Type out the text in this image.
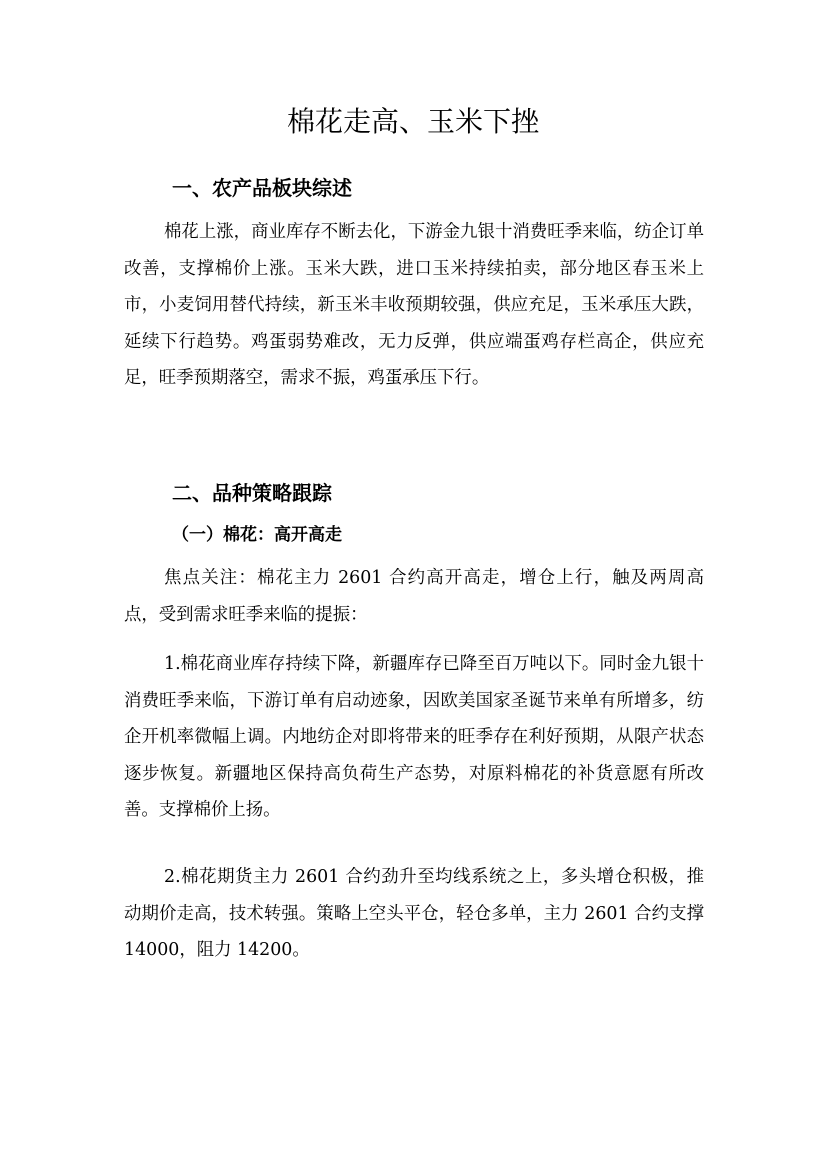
棉花走高、玉米下挫
一、农产品板块综述

棉花上涨，商业库存不断去化，下游金九银十消费旺季来临，纺企订单改善，支撑棉价上涨。玉米大跌，进口玉米持续拍卖，部分地区春玉米上市，小麦饲用替代持续，新玉米丰收预期较强，供应充足，玉米承压大跌，延续下行趋势。鸡蛋弱势难改，无力反弹，供应端蛋鸡存栏高企，供应充足，旺季预期落空，需求不振，鸡蛋承压下行。

二、品种策略跟踪
（一）棉花：高开高走

焦点关注：棉花主力 2601 合约高开高走，增仓上行，触及两周高点，受到需求旺季来临的提振：

1.棉花商业库存持续下降，新疆库存已降至百万吨以下。同时金九银十消费旺季来临，下游订单有启动迹象，因欧美国家圣诞节来单有所增多，纺企开机率微幅上调。内地纺企对即将带来的旺季存在利好预期，从限产状态逐步恢复。新疆地区保持高负荷生产态势，对原料棉花的补货意愿有所改善。支撑棉价上扬。

2.棉花期货主力 2601 合约劲升至均线系统之上，多头增仓积极，推动期价走高，技术转强。策略上空头平仓，轻仓多单，主力 2601 合约支撑 14000，阻力 14200。
